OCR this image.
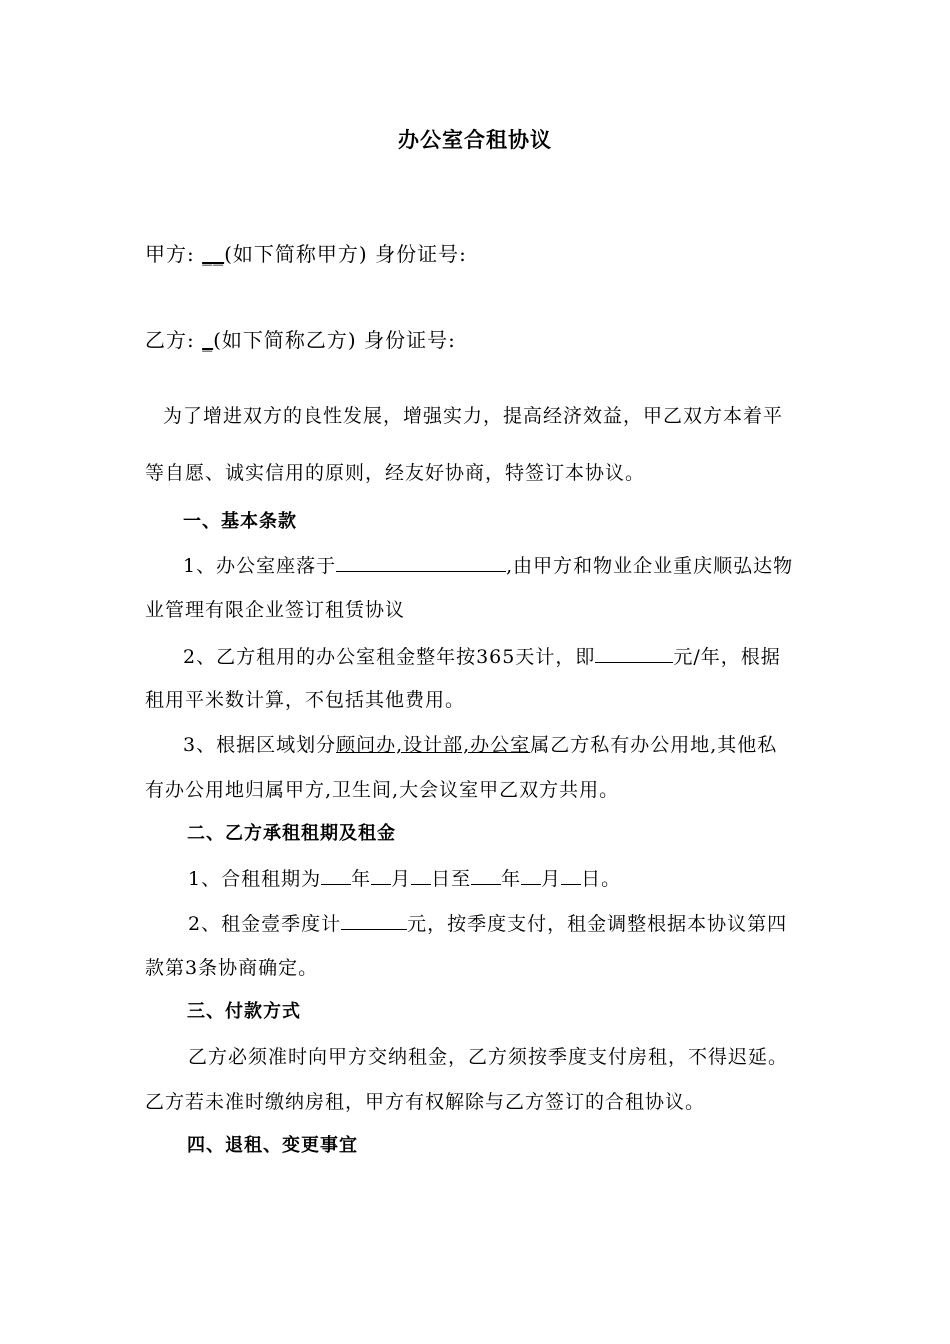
办公室合租协议
甲方: __(如下简称甲方) 身份证号:
乙方: _(如下简称乙方) 身份证号:
为了增进双方的良性发展，增强实力，提高经济效益，甲乙双方本着平
等自愿、诚实信用的原则，经友好协商，特签订本协议。
一、基本条款
1、办公室座落于	,由甲方和物业企业重庆顺弘达物
业管理有限企业签订租赁协议
2、乙方租用的办公室租金整年按365天计，即	元/年，根据
租用平米数计算，不包括其他费用。
3、根据区域划分顾问办,设计部,办公室属乙方私有办公用地,其他私
有办公用地归属甲方,卫生间,大会议室甲乙双方共用。
二、乙方承租租期及租金
1、合租租期为 年 月 日至 年 月 日。
2、租金壹季度计	元，按季度支付，租金调整根据本协议第四
款第3条协商确定。
三、付款方式
乙方必须准时向甲方交纳租金，乙方须按季度支付房租，不得迟延。
乙方若未准时缴纳房租，甲方有权解除与乙方签订的合租协议。
四、退租、变更事宜
